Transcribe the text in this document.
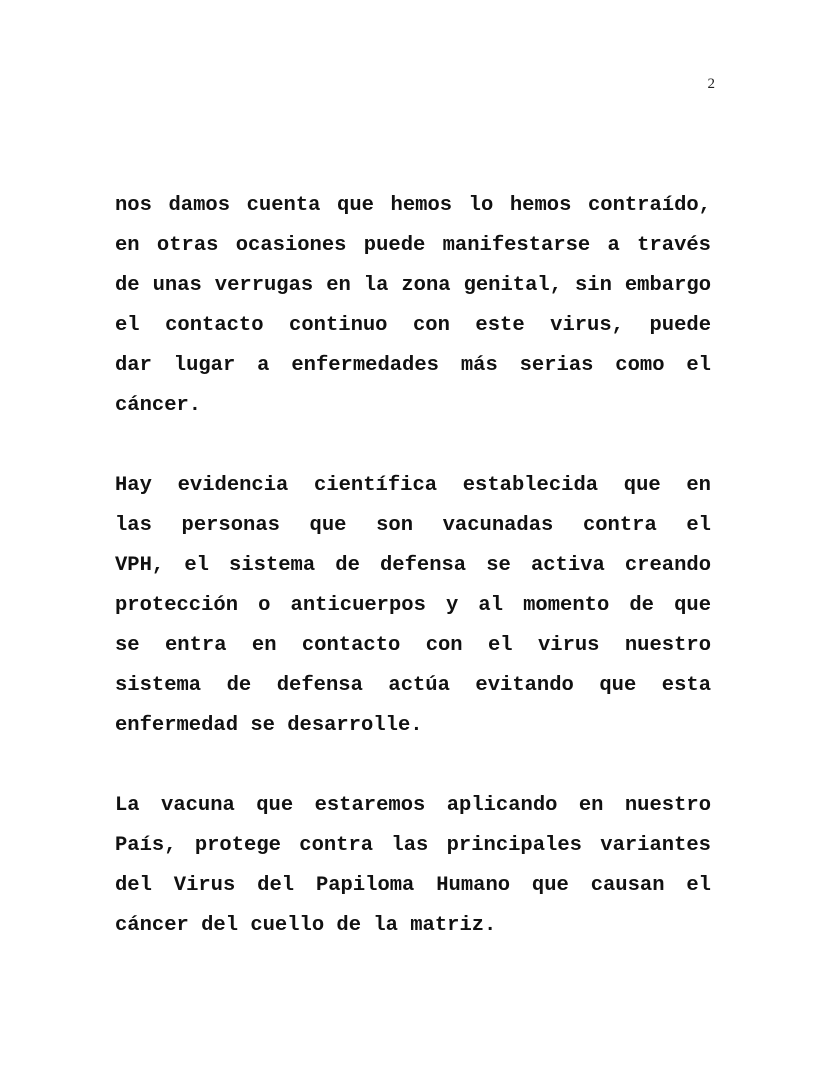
2
nos damos cuenta que hemos lo hemos contraído,
en otras ocasiones puede manifestarse a través
de unas verrugas en la zona genital, sin embargo
el contacto continuo con este virus, puede
dar lugar a enfermedades más serias como el
cáncer.
Hay evidencia científica establecida que en
las personas que son vacunadas contra el
VPH, el sistema de defensa se activa creando
protección o anticuerpos y al momento de que
se entra en contacto con el virus nuestro
sistema de defensa actúa evitando que esta
enfermedad se desarrolle.
La vacuna que estaremos aplicando en nuestro
País, protege contra las principales variantes
del Virus del Papiloma Humano que causan el
cáncer del cuello de la matriz.
